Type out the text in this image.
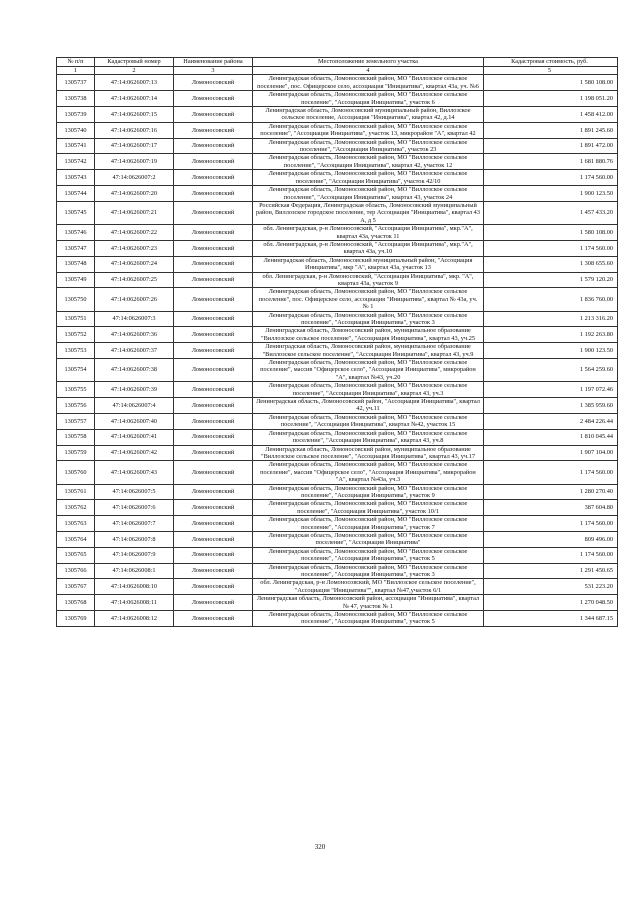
№ п/п	Кадастровый номер	Наименование района	Местоположение земельного участка	Кадастровая стоимость, руб.
1	2	3	4	5
1305737	47:14:0626007:13	Ломоносовский	Ленинградская область, Ломоносовский район, МО "Виллозское сельское поселение", пос. Офицерское село, ассоциация "Инициатива", квартал 43а, уч. №6	1 580 108.00
1305738	47:14:0626007:14	Ломоносовский	Ленинградская область, Ломоносовский район, МО "Виллозское сельское поселение", "Ассоциация Инициатива", участок 6	1 198 051.20
1305739	47:14:0626007:15	Ломоносовский	Ленинградская область, Ломоносовский муниципальный район, Виллозское сельское поселение, Ассоциация "Инициатива", квартал 42, д.14	1 458 412.00
1305740	47:14:0626007:16	Ломоносовский	Ленинградская область, Ломоносовский район, МО "Виллозское сельское поселение", "Ассоциация Инициатива", участок 13, микрорайон "А", квартал 42	1 891 245.60
1305741	47:14:0626007:17	Ломоносовский	Ленинградская область, Ломоносовский район, МО "Виллозское сельское поселение", "Ассоциация Инициатива", участок 23	1 891 472.00
1305742	47:14:0626007:19	Ломоносовский	Ленинградская область, Ломоносовский район, МО "Виллозское сельское поселение", "Ассоциация Инициатива", квартал 42, участок 12	1 681 880.76
1305743	47:14:0626007:2	Ломоносовский	Ленинградская область, Ломоносовский район, МО "Виллозское сельское поселение", "Ассоциация Инициатива", участок 42/10	1 174 560.00
1305744	47:14:0626007:20	Ломоносовский	Ленинградская область, Ломоносовский район, МО "Виллозское сельское поселение", "Ассоциация Инициатива", квартал 43, участок 24	1 900 123.50
1305745	47:14:0626007:21	Ломоносовский	Российская Федерация, Ленинградская область, Ломоносовский муниципальный район, Виллозское городское поселение, тер Ассоциация "Инициатива", квартал 43 А, д 5	1 457 433.20
1305746	47:14:0626007:22	Ломоносовский	обл. Ленинградская, р-н Ломоносовский, "Ассоциация Инициатива", мкр."А", квартал 43а, участок 11	1 580 108.00
1305747	47:14:0626007:23	Ломоносовский	обл. Ленинградская, р-н Ломоносовский, "Ассоциация Инициатива", мкр."А", квартал 43а, уч.10	1 174 560.00
1305748	47:14:0626007:24	Ломоносовский	Ленинградская область, Ломоносовский муниципальный район, "Ассоциация Инициатива", мкр "А", квартал 43а, участок 13	1 308 655.60
1305749	47:14:0626007:25	Ломоносовский	обл. Ленинградская, р-н Ломоносовский, "Ассоциация Инициатива", мкр. "А", квартал 43а, участок 9	1 579 120.20
1305750	47:14:0626007:26	Ломоносовский	Ленинградская область, Ломоносовский район, МО "Виллозское сельское поселение", пос. Офицерское село, ассоциация "Инициатива", квартал № 43а, уч. № 1	1 836 760.00
1305751	47:14:0626007:3	Ломоносовский	Ленинградская область, Ломоносовский район, МО "Виллозское сельское поселение", "Ассоциация Инициатива", участок 3	1 213 316.20
1305752	47:14:0626007:36	Ломоносовский	Ленинградская область, Ломоносовский район, муниципальное образование "Виллозское сельское поселение", "Ассоциация Инициатива", квартал 43, уч.25	1 192 263.80
1305753	47:14:0626007:37	Ломоносовский	Ленинградская область, Ломоносовский район, муниципальное образование "Виллозское сельское поселение", "Ассоциация Инициатива", квартал 43, уч.9	1 900 123.50
1305754	47:14:0626007:38	Ломоносовский	Ленинградская область, Ломоносовский район, МО "Виллозское сельское поселение", массив "Офицерское село", "Ассоциация Инициатива", микрорайон "А", квартал №43, уч.20	1 564 259.60
1305755	47:14:0626007:39	Ломоносовский	Ленинградская область, Ломоносовский район, МО "Виллозское сельское поселение", "Ассоциация Инициатива", квартал 43, уч.3	1 197 072.46
1305756	47:14:0626007:4	Ломоносовский	Ленинградская область, Ломоносовский район, "Ассоциация Инициатива", квартал 42, уч.11	1 385 959.60
1305757	47:14:0626007:40	Ломоносовский	Ленинградская область, Ломоносовский район, МО "Виллозское сельское поселение", "Ассоциация Инициатива", квартал №42, участок 15	2 484 226.44
1305758	47:14:0626007:41	Ломоносовский	Ленинградская область, Ломоносовский район, МО "Виллозское сельское поселение", "Ассоциация Инициатива", квартал 43, уч.8	1 810 045.44
1305759	47:14:0626007:42	Ломоносовский	Ленинградская область, Ломоносовский район, муниципальное образование "Виллозское сельское поселение", "Ассоциация Инициатива", квартал 43, уч.17	1 907 104.00
1305760	47:14:0626007:43	Ломоносовский	Ленинградская область, Ломоносовский район, МО "Виллозское сельское поселение", массив "Офицерское село", "Ассоциация Инициатива", микрорайон "А", квартал №43а, уч.3	1 174 560.00
1305761	47:14:0626007:5	Ломоносовский	Ленинградская область, Ломоносовский район, МО "Виллозское сельское поселение", "Ассоциация Инициатива", участок 9	1 280 270.40
1305762	47:14:0626007:6	Ломоносовский	Ленинградская область, Ломоносовский район, МО "Виллозское сельское поселение", "Ассоциация Инициатива", участок 10/1	387 604.80
1305763	47:14:0626007:7	Ломоносовский	Ленинградская область, Ломоносовский район, МО "Виллозское сельское поселение", "Ассоциация Инициатива", участок 7	1 174 560.00
1305764	47:14:0626007:8	Ломоносовский	Ленинградская область, Ломоносовский район, МО "Виллозское сельское поселение", "Ассоциация Инициатива"	809 496.00
1305765	47:14:0626007:9	Ломоносовский	Ленинградская область, Ломоносовский район, МО "Виллозское сельское поселение", "Ассоциация Инициатива", участок 5	1 174 560.00
1305766	47:14:0626008:1	Ломоносовский	Ленинградская область, Ломоносовский район, МО "Виллозское сельское поселение", "Ассоциация Инициатива", участок 3	1 291 450.65
1305767	47:14:0626008:10	Ломоносовский	обл. Ленинградская, р-н Ломоносовский, МО "Виллозское сельское поселение", "Ассоциация "Инициатива"", квартал №47,участок 6/1	531 223.20
1305768	47:14:0626008:11	Ломоносовский	Ленинградская область, Ломоносовский район, ассоциация "Инициатива", квартал № 47, участок № 1	1 270 048.50
1305769	47:14:0626008:12	Ломоносовский	Ленинградская область, Ломоносовский район, МО "Виллозское сельское поселение", "Ассоциация Инициатива", участок 5	1 344 687.15
320
